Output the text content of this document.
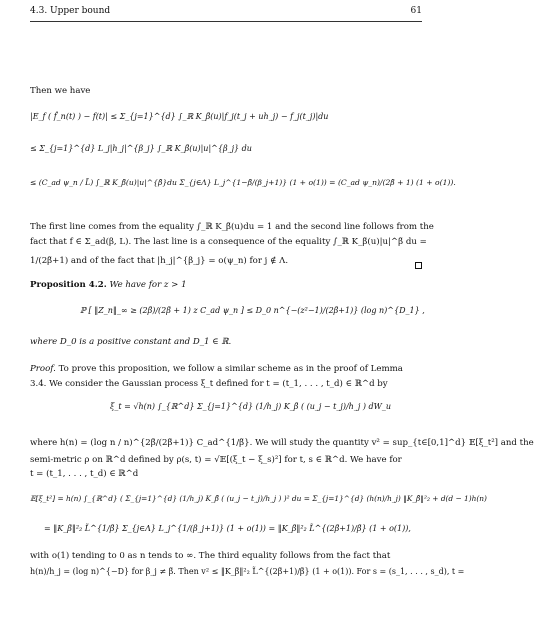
4.3. Upper bound	61
Then we have
|E_f ( f̂_n(t) ) − f(t)| ≤ Σ_{j=1}^{d} ∫_ℝ K_β̃(u)|f_j(t_j + uh_j) − f_j(t_j)|du
≤ Σ_{j=1}^{d} L_j|h_j|^{β_j} ∫_ℝ K_β̃(u)|u|^{β_j} du
≤ (C_ad ψ_n / L̃) ∫_ℝ K_β̃(u)|u|^{β̃}du Σ_{j∈Λ} L_j^{1−β̃/(β_j+1)} (1 + o(1)) = (C_ad ψ_n)/(2β̃ + 1) (1 + o(1)).
The first line comes from the equality ∫_ℝ K_β̃(u)du = 1 and the second line follows from the
fact that f ∈ Σ_ad(β, L). The last line is a consequence of the equality ∫_ℝ K_β̃(u)|u|^β̃ du =
1/(2β̃+1) and of the fact that |h_j|^{β_j} = o(ψ_n) for j ∉ Λ.
Proposition 4.2. We have for z > 1
ℙ [ ‖Z_n‖_∞ ≥ (2β̃)/(2β̃ + 1) z C_ad ψ_n ] ≤ D_0 n^{−(z²−1)/(2β̃+1)} (log n)^{D_1} ,
where D_0 is a positive constant and D_1 ∈ ℝ.
Proof. To prove this proposition, we follow a similar scheme as in the proof of Lemma
3.4. We consider the Gaussian process ξ_t defined for t = (t_1, . . . , t_d) ∈ ℝ^d by
ξ_t = √h(n) ∫_{ℝ^d} Σ_{j=1}^{d} (1/h_j) K_β̃ ( (u_j − t_j)/h_j ) dW_u
where h(n) = (log n / n)^{2β̃/(2β̃+1)} C_ad^{1/β̃}. We will study the quantity v² = sup_{t∈[0,1]^d} 𝔼[ξ_t²] and the
semi-metric ρ on ℝ^d defined by ρ(s, t) = √𝔼[(ξ_t − ξ_s)²] for t, s ∈ ℝ^d. We have for
t = (t_1, . . . , t_d) ∈ ℝ^d
𝔼[ξ_t²] = h(n) ∫_{ℝ^d} ( Σ_{j=1}^{d} (1/h_j) K_β̃ ( (u_j − t_j)/h_j ) )² du = Σ_{j=1}^{d} (h(n)/h_j) ‖K_β̃‖²₂ + d(d − 1)h(n)
= ‖K_β̃‖²₂ L̃^{1/β̃} Σ_{j∈Λ} L_j^{1/(β_j+1)} (1 + o(1)) = ‖K_β̃‖²₂ L̃^{(2β̃+1)/β̃} (1 + o(1)),
with o(1) tending to 0 as n tends to ∞. The third equality follows from the fact that
h(n)/h_j = (log n)^{−D} for β_j ≠ β̃. Then v² ≤ ‖K_β̃‖²₂ L̃^{(2β̃+1)/β̃} (1 + o(1)). For s = (s_1, . . . , s_d), t =
